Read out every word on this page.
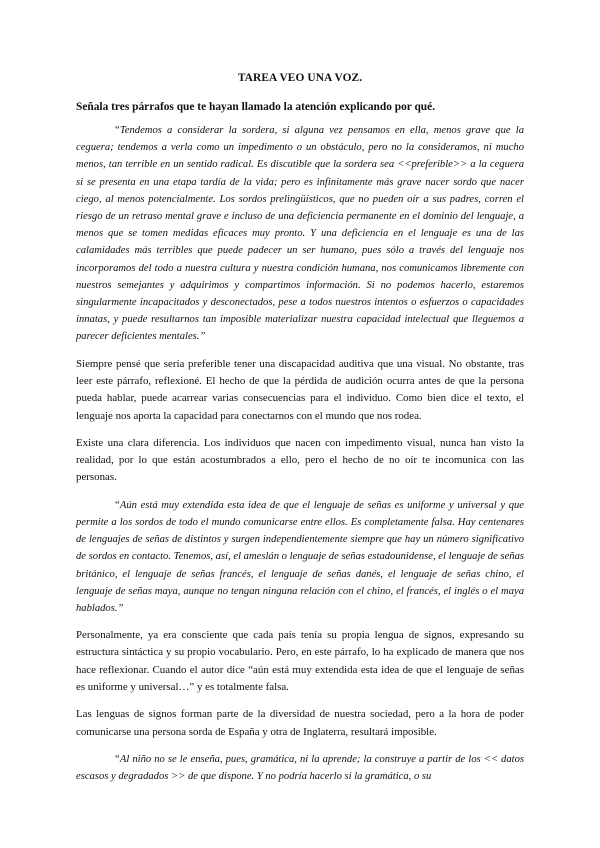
TAREA VEO UNA VOZ.
Señala tres párrafos que te hayan llamado la atención explicando por qué.

“Tendemos a considerar la sordera, si alguna vez pensamos en ella, menos grave que la ceguera; tendemos a verla como un impedimento o un obstáculo, pero no la consideramos, ni mucho menos, tan terrible en un sentido radical. Es discutible que la sordera sea <<preferible>> a la ceguera si se presenta en una etapa tardía de la vida; pero es infinitamente más grave nacer sordo que nacer ciego, al menos potencialmente. Los sordos prelingüísticos, que no pueden oír a sus padres, corren el riesgo de un retraso mental grave e incluso de una deficiencia permanente en el dominio del lenguaje, a menos que se tomen medidas eficaces muy pronto. Y una deficiencia en el lenguaje es una de las calamidades más terribles que puede padecer un ser humano, pues sólo a través del lenguaje nos incorporamos del todo a nuestra cultura y nuestra condición humana, nos comunicamos libremente con nuestros semejantes y adquirimos y compartimos información. Si no podemos hacerlo, estaremos singularmente incapacitados y desconectados, pese a todos nuestros intentos o esfuerzos o capacidades innatas, y puede resultarnos tan imposible materializar nuestra capacidad intelectual que lleguemos a parecer deficientes mentales.”

Siempre pensé que sería preferible tener una discapacidad auditiva que una visual. No obstante, tras leer este párrafo, reflexioné. El hecho de que la pérdida de audición ocurra antes de que la persona pueda hablar, puede acarrear varias consecuencias para el individuo. Como bien dice el texto, el lenguaje nos aporta la capacidad para conectarnos con el mundo que nos rodea.

Existe una clara diferencia. Los individuos que nacen con impedimento visual, nunca han visto la realidad, por lo que están acostumbrados a ello, pero el hecho de no oír te incomunica con las personas.

“Aún está muy extendida esta idea de que el lenguaje de señas es uniforme y universal y que permite a los sordos de todo el mundo comunicarse entre ellos. Es completamente falsa. Hay centenares de lenguajes de señas de distintos y surgen independientemente siempre que hay un número significativo de sordos en contacto. Tenemos, así, el ameslán o lenguaje de señas estadounidense, el lenguaje de señas británico, el lenguaje de señas francés, el lenguaje de señas danés, el lenguaje de señas chino, el lenguaje de señas maya, aunque no tengan ninguna relación con el chino, el francés, el inglés o el maya hablados.”

Personalmente, ya era consciente que cada país tenía su propia lengua de signos, expresando su estructura sintáctica y su propio vocabulario. Pero, en este párrafo, lo ha explicado de manera que nos hace reflexionar. Cuando el autor dice “aún está muy extendida esta idea de que el lenguaje de señas es uniforme y universal…” y es totalmente falsa.

Las lenguas de signos forman parte de la diversidad de nuestra sociedad, pero a la hora de poder comunicarse una persona sorda de España y otra de Inglaterra, resultará imposible.

“Al niño no se le enseña, pues, gramática, ni la aprende; la construye a partir de los << datos escasos y degradados >> de que dispone. Y no podría hacerlo si la gramática, o su
